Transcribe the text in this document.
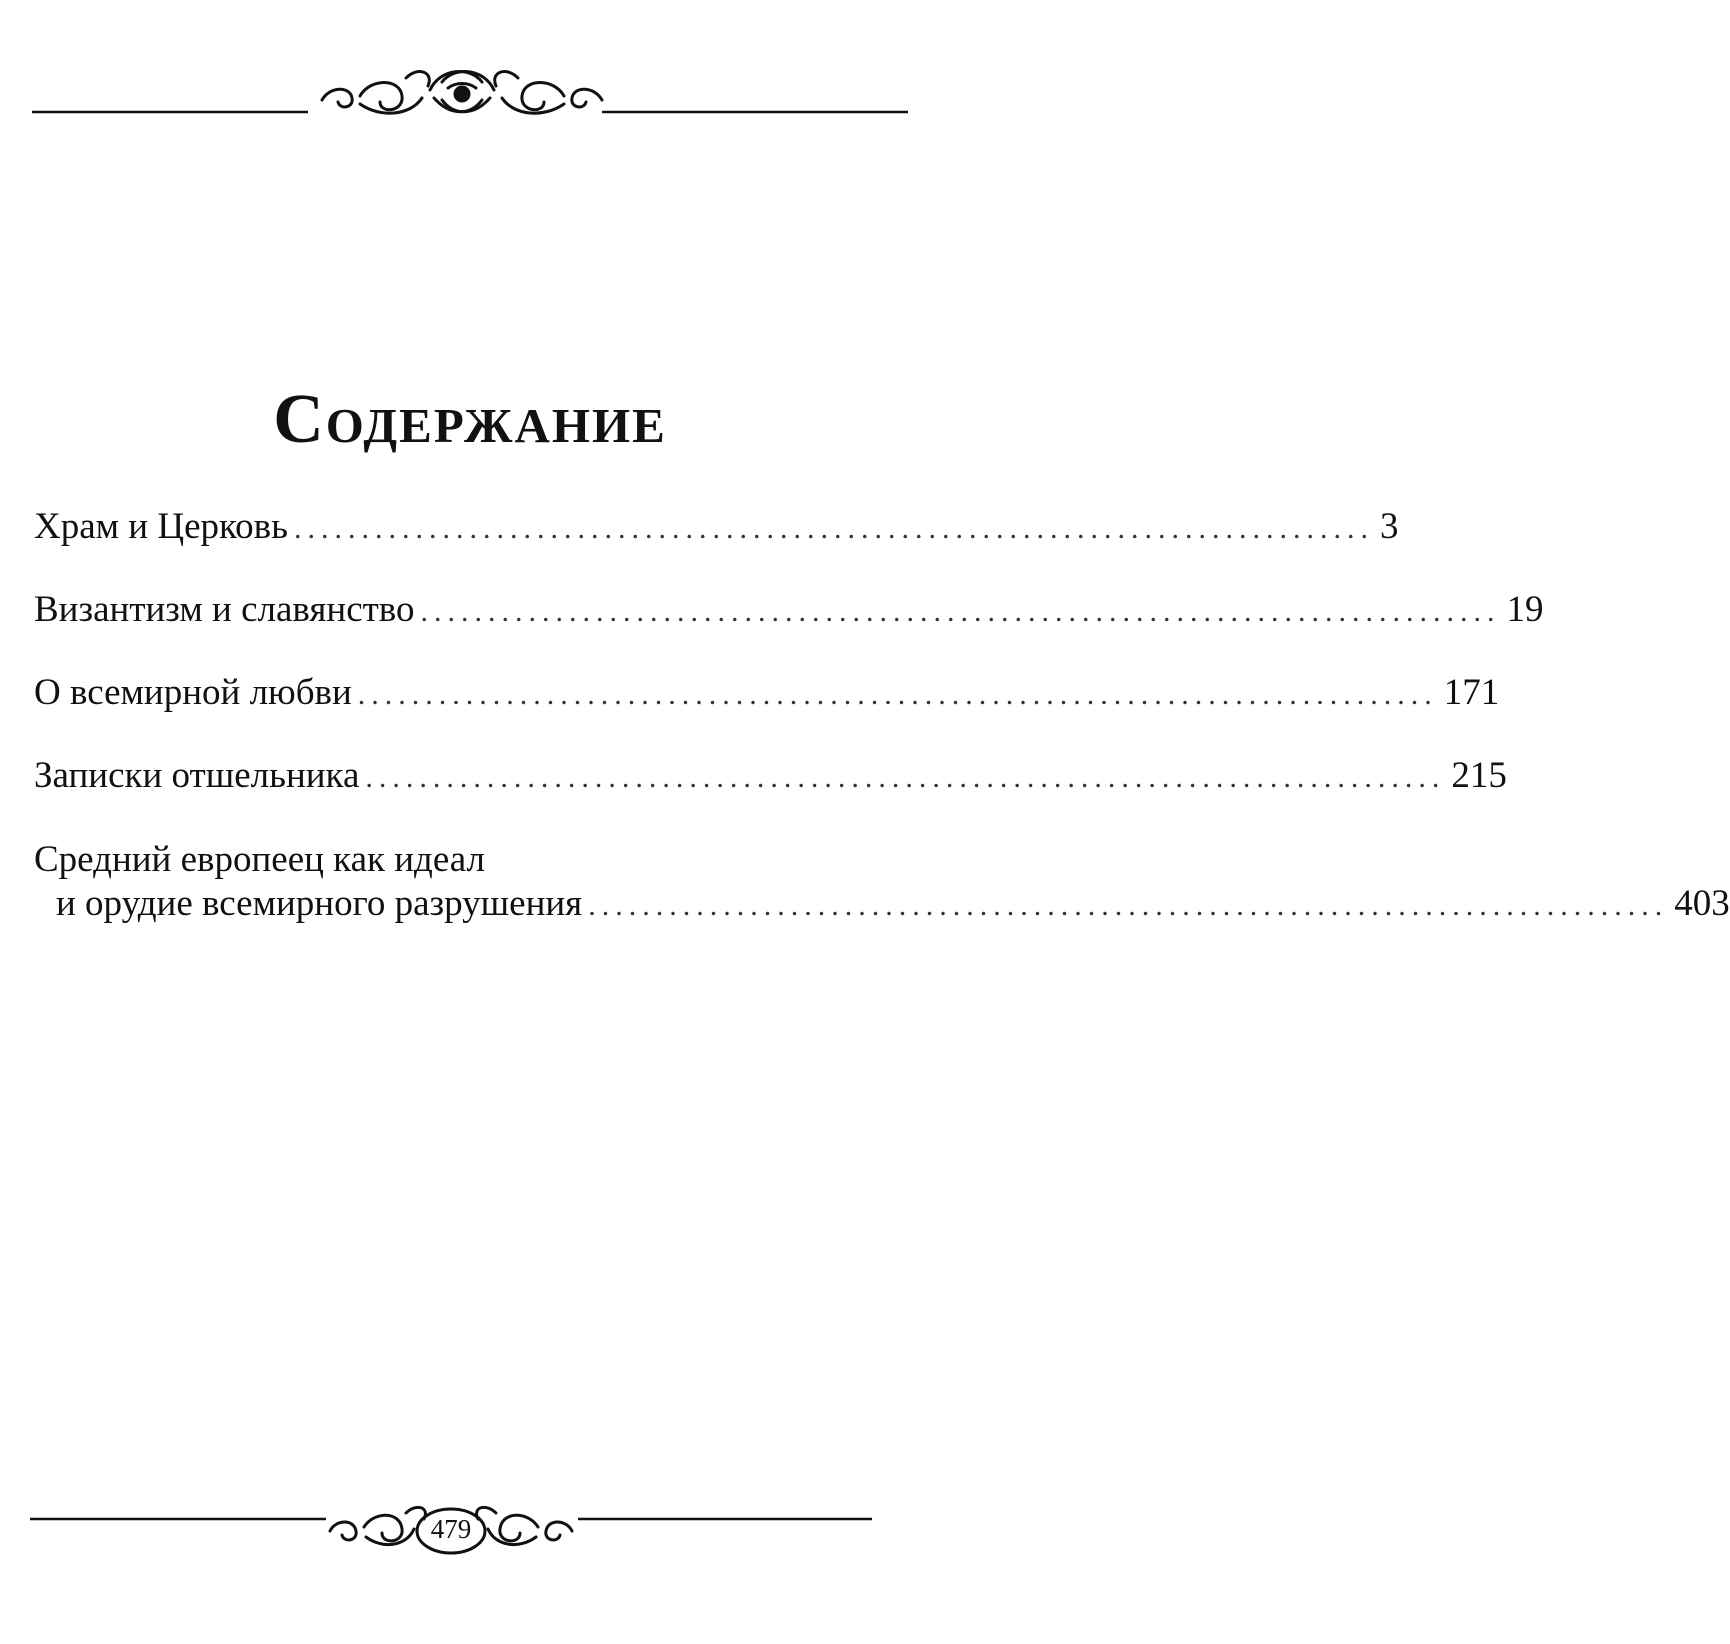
Содержание
Храм и Церковь ................................................................................ 3
Византизм и славянство ................................................................................ 19
О всемирной любви ................................................................................ 171
Записки отшельника ................................................................................ 215
Средний европеец как идеал
и орудие всемирного разрушения ................................................................................ 403
479
